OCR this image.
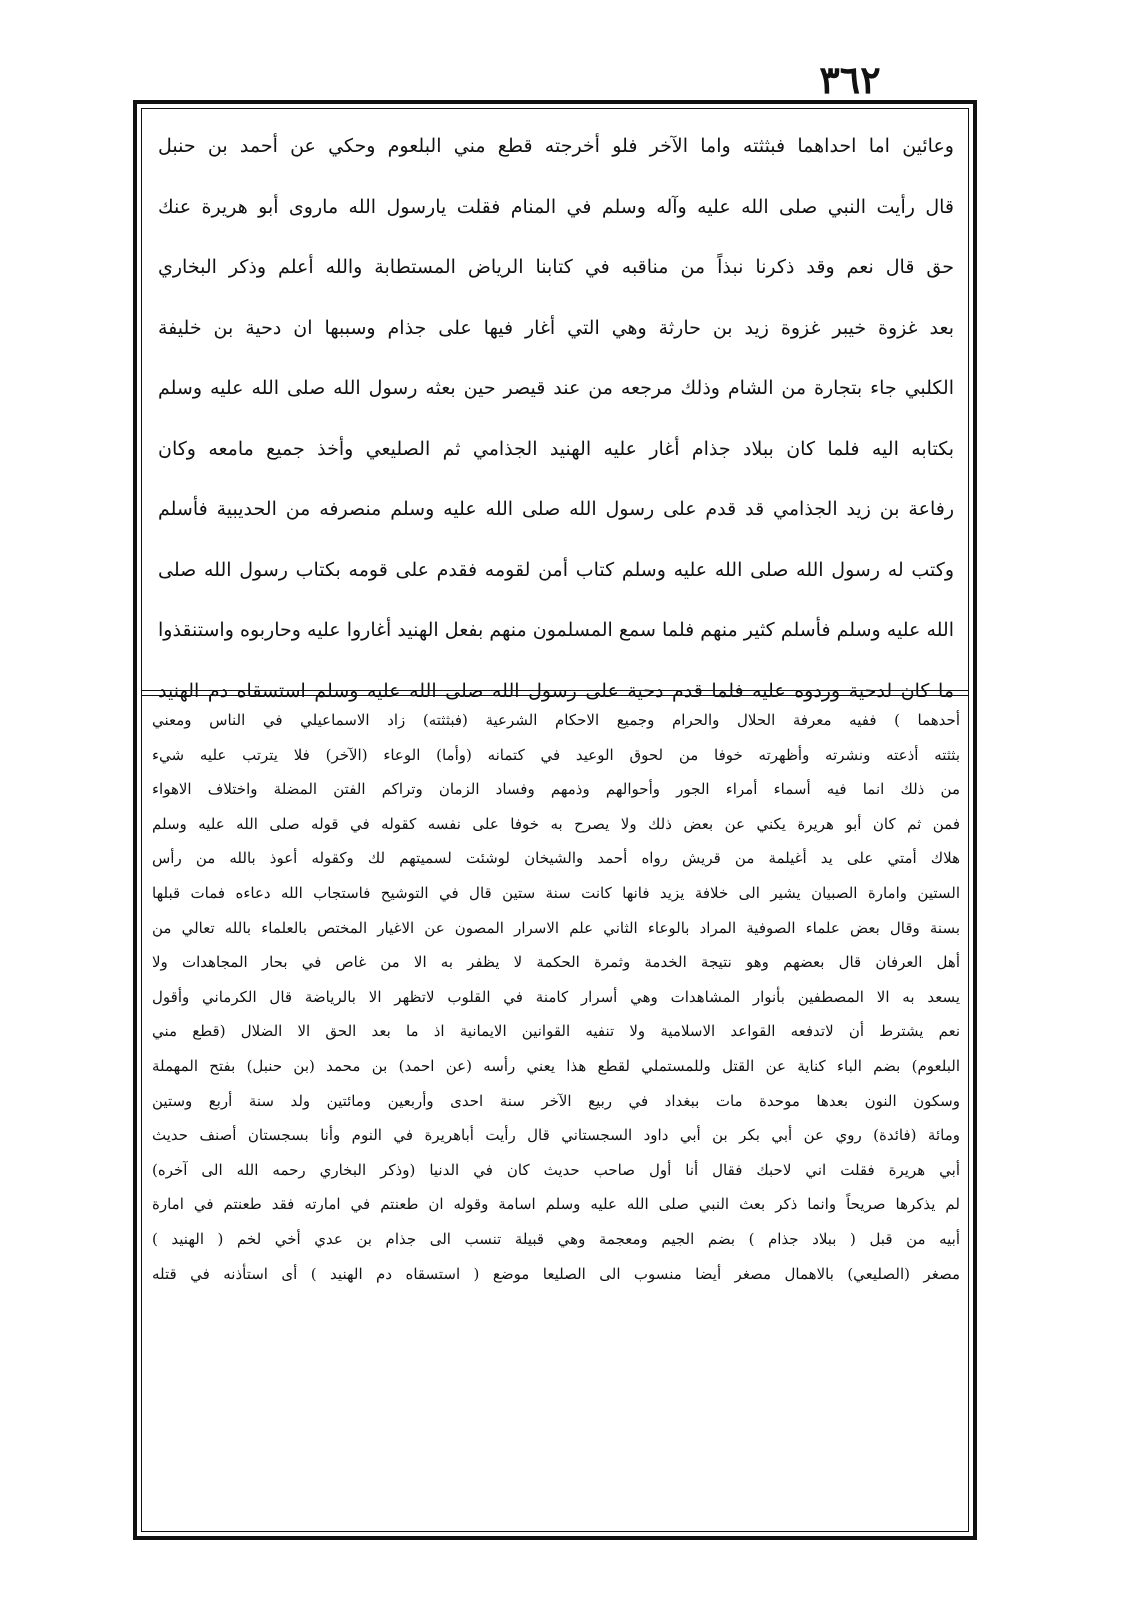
٣٦٢
وعائين اما احداهما فبثثته واما الآخر فلو أخرجته قطع مني البلعوم وحكي عن أحمد بن حنبل
قال رأيت النبي صلى الله عليه وآله وسلم في المنام فقلت يارسول الله ماروى أبو هريرة عنك
حق قال نعم وقد ذكرنا نبذاً من مناقبه في كتابنا الرياض المستطابة والله أعلم وذكر البخاري
بعد غزوة خيبر غزوة زيد بن حارثة وهي التي أغار فيها على جذام وسببها ان دحية بن خليفة
الكلبي جاء بتجارة من الشام وذلك مرجعه من عند قيصر حين بعثه رسول الله صلى الله عليه وسلم
بكتابه اليه فلما كان ببلاد جذام أغار عليه الهنيد الجذامي ثم الصليعي وأخذ جميع مامعه وكان
رفاعة بن زيد الجذامي قد قدم على رسول الله صلى الله عليه وسلم منصرفه من الحديبية فأسلم
وكتب له رسول الله صلى الله عليه وسلم كتاب أمن لقومه فقدم على قومه بكتاب رسول الله صلى
الله عليه وسلم فأسلم كثير منهم فلما سمع المسلمون منهم بفعل الهنيد أغاروا عليه وحاربوه واستنقذوا
ما كان لدحية وردوه عليه فلما قدم دحية على رسول الله صلى الله عليه وسلم استسقاه دم الهنيد
أحدهما ) ففيه معرفة الحلال والحرام وجميع الاحكام الشرعية (فبثثته) زاد الاسماعيلي في الناس ومعني
بثثته أذعته ونشرته وأظهرته خوفا من لحوق الوعيد في كتمانه (وأما) الوعاء (الآخر) فلا يترتب عليه شيء
من ذلك انما فيه أسماء أمراء الجور وأحوالهم وذمهم وفساد الزمان وتراكم الفتن المضلة واختلاف الاهواء
فمن ثم كان أبو هريرة يكني عن بعض ذلك ولا يصرح به خوفا على نفسه كقوله في قوله صلى الله عليه وسلم
هلاك أمتي على يد أغيلمة من قريش رواه أحمد والشيخان لوشئت لسميتهم لك وكقوله أعوذ بالله من رأس
الستين وامارة الصبيان يشير الى خلافة يزيد فانها كانت سنة ستين قال في التوشيح فاستجاب الله دعاءه فمات قبلها
بسنة وقال بعض علماء الصوفية المراد بالوعاء الثاني علم الاسرار المصون عن الاغيار المختص بالعلماء بالله تعالي من
أهل العرفان قال بعضهم وهو نتيجة الخدمة وثمرة الحكمة لا يظفر به الا من غاص في بحار المجاهدات ولا
يسعد به الا المصطفين بأنوار المشاهدات وهي أسرار كامنة في القلوب لاتظهر الا بالرياضة قال الكرماني وأقول
نعم يشترط أن لاتدفعه القواعد الاسلامية ولا تنفيه القوانين الايمانية اذ ما بعد الحق الا الضلال (قطع مني
البلعوم) بضم الباء كناية عن القتل وللمستملي لقطع هذا يعني رأسه (عن احمد) بن محمد (بن حنبل) بفتح المهملة
وسكون النون بعدها موحدة مات ببغداد في ربيع الآخر سنة احدى وأربعين ومائتين ولد سنة أربع وستين
ومائة (فائدة) روي عن أبي بكر بن أبي داود السجستاني قال رأيت أباهريرة في النوم وأنا بسجستان أصنف حديث
أبي هريرة فقلت اني لاحبك فقال أنا أول صاحب حديث كان في الدنيا (وذكر البخاري رحمه الله الى آخره)
لم يذكرها صريحاً وانما ذكر بعث النبي صلى الله عليه وسلم اسامة وقوله ان طعنتم في امارته فقد طعنتم في امارة
أبيه من قبل ( ببلاد جذام ) بضم الجيم ومعجمة وهي قبيلة تنسب الى جذام بن عدي أخي لخم ( الهنيد )
مصغر (الصليعي) بالاهمال مصغر أيضا منسوب الى الصليعا موضع ( استسقاه دم الهنيد ) أى استأذنه في قتله
